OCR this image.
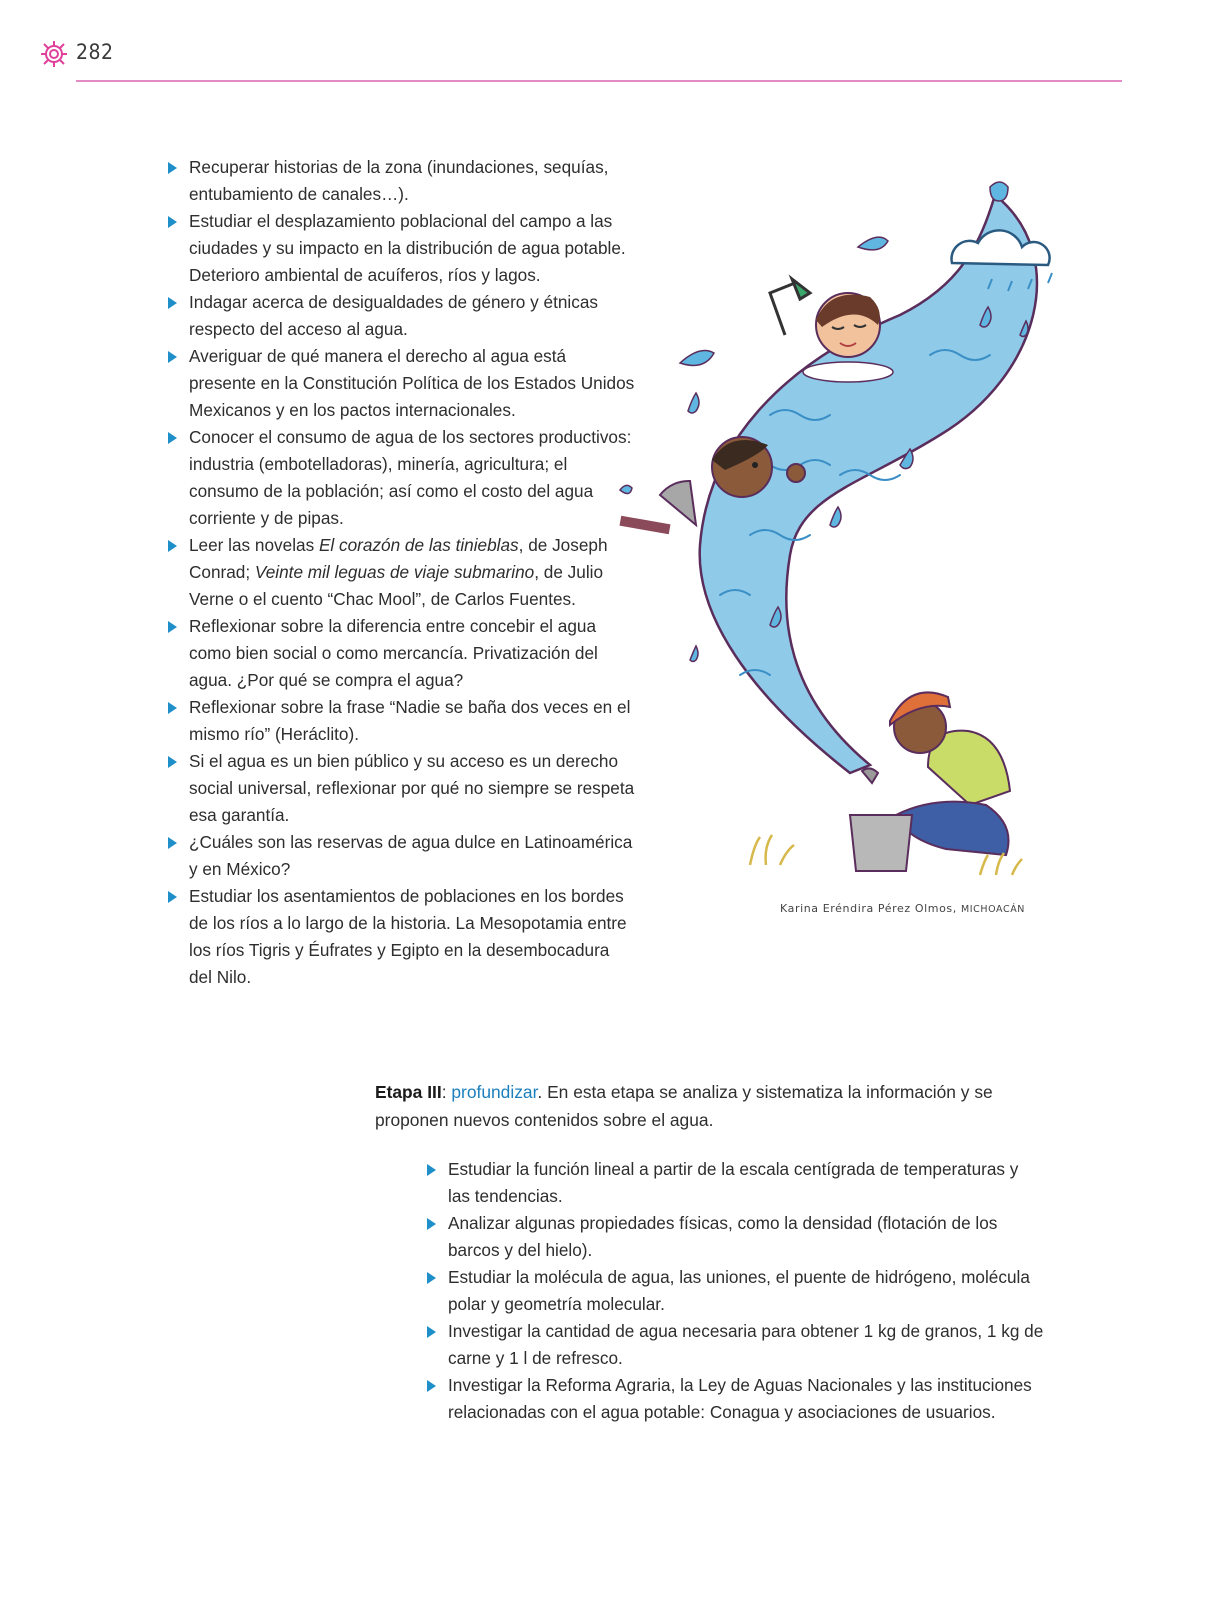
282
Recuperar historias de la zona (inundaciones, sequías, entubamiento de canales…).
Estudiar el desplazamiento poblacional del campo a las ciudades y su impacto en la distribución de agua potable. Deterioro ambiental de acuíferos, ríos y lagos.
Indagar acerca de desigualdades de género y étnicas respecto del acceso al agua.
Averiguar de qué manera el derecho al agua está presente en la Constitución Política de los Estados Unidos Mexicanos y en los pactos internacionales.
Conocer el consumo de agua de los sectores productivos: industria (embotelladoras), minería, agricultura; el consumo de la población; así como el costo del agua corriente y de pipas.
Leer las novelas El corazón de las tinieblas, de Joseph Conrad; Veinte mil leguas de viaje submarino, de Julio Verne o el cuento “Chac Mool”, de Carlos Fuentes.
Reflexionar sobre la diferencia entre concebir el agua como bien social o como mercancía. Privatización del agua. ¿Por qué se compra el agua?
Reflexionar sobre la frase “Nadie se baña dos veces en el mismo río” (Heráclito).
Si el agua es un bien público y su acceso es un derecho social universal, reflexionar por qué no siempre se respeta esa garantía.
¿Cuáles son las reservas de agua dulce en Latinoamérica y en México?
Estudiar los asentamientos de poblaciones en los bordes de los ríos a lo largo de la historia. La Mesopotamia entre los ríos Tigris y Éufrates y Egipto en la desembocadura del Nilo.
Karina Eréndira Pérez Olmos, MICHOACÁN

Etapa III: profundizar. En esta etapa se analiza y sistematiza la información y se proponen nuevos contenidos sobre el agua.

Estudiar la función lineal a partir de la escala centígrada de temperaturas y las tendencias.
Analizar algunas propiedades físicas, como la densidad (flotación de los barcos y del hielo).
Estudiar la molécula de agua, las uniones, el puente de hidrógeno, molécula polar y geometría molecular.
Investigar la cantidad de agua necesaria para obtener 1 kg de granos, 1 kg de carne y 1 l de refresco.
Investigar la Reforma Agraria, la Ley de Aguas Nacionales y las instituciones relacionadas con el agua potable: Conagua y asociaciones de usuarios.
